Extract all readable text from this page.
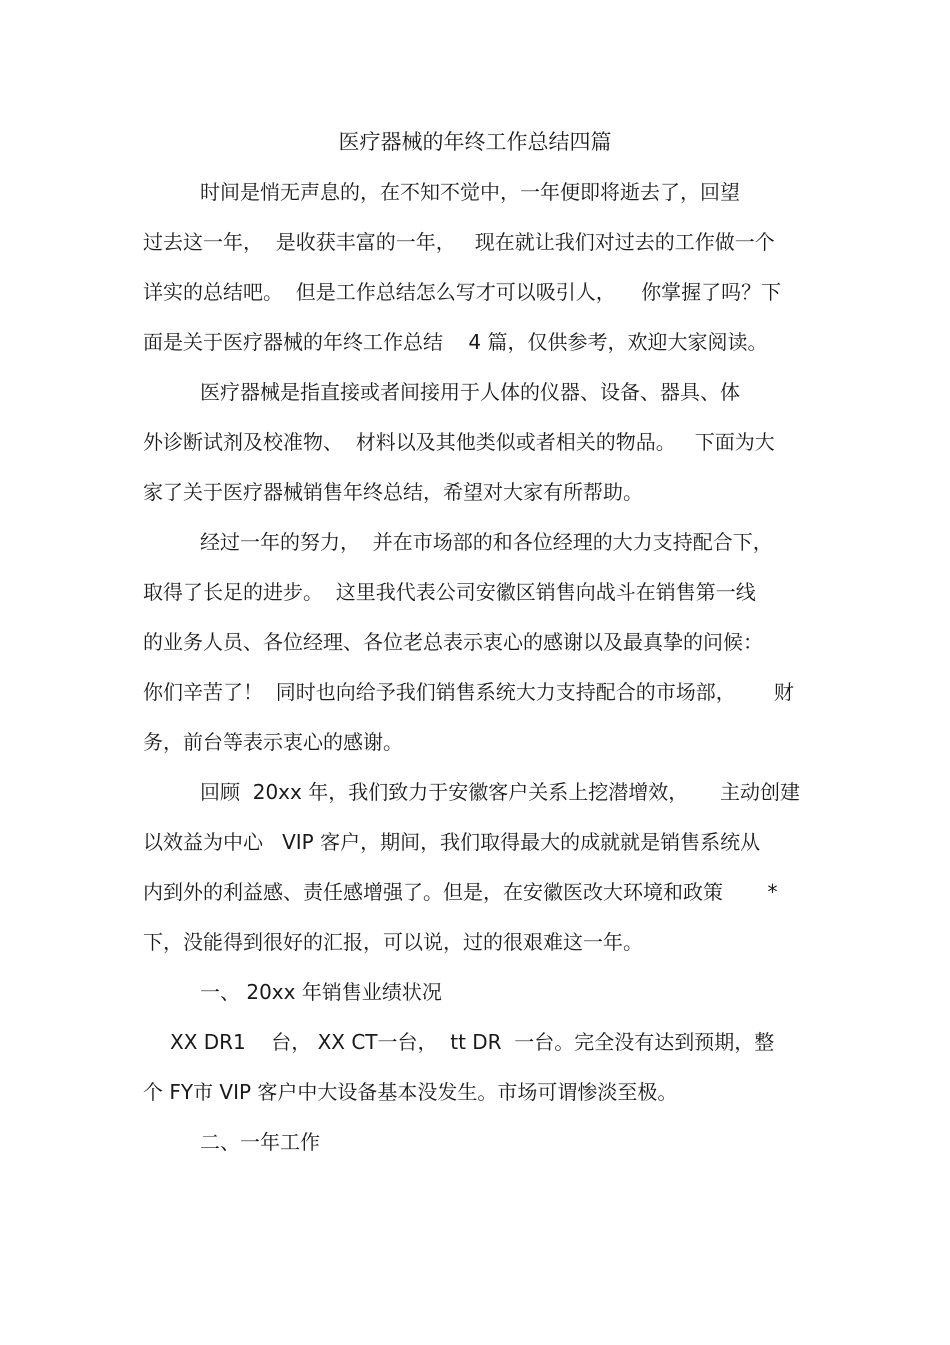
医疗器械的年终工作总结四篇
时间是悄无声息的，在不知不觉中，一年便即将逝去了，回望
过去这一年，  是收获丰富的一年，   现在就让我们对过去的工作做一个
详实的总结吧。  但是工作总结怎么写才可以吸引人，    你掌握了吗？下
面是关于医疗器械的年终工作总结    4 篇，仅供参考，欢迎大家阅读。
医疗器械是指直接或者间接用于人体的仪器、设备、器具、体
外诊断试剂及校准物、  材料以及其他类似或者相关的物品。   下面为大
家了关于医疗器械销售年终总结，希望对大家有所帮助。
经过一年的努力，  并在市场部的和各位经理的大力支持配合下，
取得了长足的进步。  这里我代表公司安徽区销售向战斗在销售第一线
的业务人员、各位经理、各位老总表示衷心的感谢以及最真挚的问候：
你们辛苦了！  同时也向给予我们销售系统大力支持配合的市场部，      财
务，前台等表示衷心的感谢。
回顾  20xx 年，我们致力于安徽客户关系上挖潜增效，     主动创建
以效益为中心   VIP 客户，期间，我们取得最大的成就就是销售系统从
内到外的利益感、责任感增强了。但是，在安徽医改大环境和政策       *
下，没能得到很好的汇报，可以说，过的很艰难这一年。
一、 20xx 年销售业绩状况
XX DR1    台， XX CT一台，  tt DR  一台。完全没有达到预期，整
个 FY市 VIP 客户中大设备基本没发生。市场可谓惨淡至极。
二、一年工作
